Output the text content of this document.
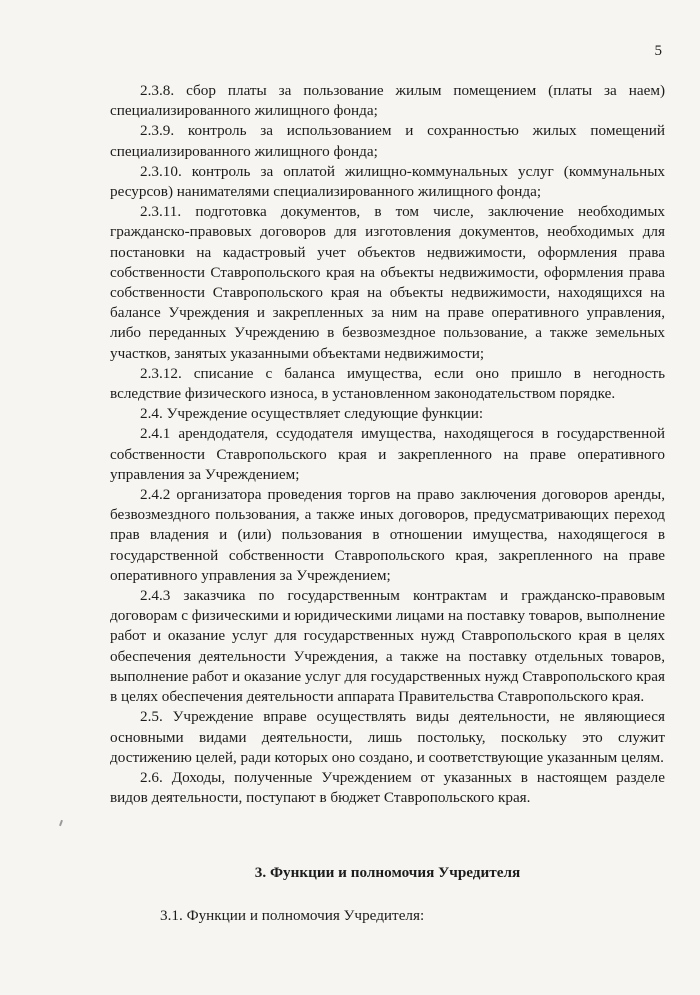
5

2.3.8. сбор платы за пользование жилым помещением (платы за наем) специализированного жилищного фонда;

2.3.9. контроль за использованием и сохранностью жилых помещений специализированного жилищного фонда;

2.3.10. контроль за оплатой жилищно-коммунальных услуг (коммунальных ресурсов) нанимателями специализированного жилищного фонда;

2.3.11. подготовка документов, в том числе, заключение необходимых гражданско-правовых договоров для изготовления документов, необходимых для постановки на кадастровый учет объектов недвижимости, оформления права собственности Ставропольского края на объекты недвижимости, оформления права собственности Ставропольского края на объекты недвижимости, находящихся на балансе Учреждения и закрепленных за ним на праве оперативного управления, либо переданных Учреждению в безвозмездное пользование, а также земельных участков, занятых указанными объектами недвижимости;

2.3.12. списание с баланса имущества, если оно пришло в негодность вследствие физического износа, в установленном законодательством порядке.

2.4. Учреждение осуществляет следующие функции:

2.4.1 арендодателя, ссудодателя имущества, находящегося в государственной собственности Ставропольского края и закрепленного на праве оперативного управления за Учреждением;

2.4.2 организатора проведения торгов на право заключения договоров аренды, безвозмездного пользования, а также иных договоров, предусматривающих переход прав владения и (или) пользования в отношении имущества, находящегося в государственной собственности Ставропольского края, закрепленного на праве оперативного управления за Учреждением;

2.4.3 заказчика по государственным контрактам и гражданско-правовым договорам с физическими и юридическими лицами на поставку товаров, выполнение работ и оказание услуг для государственных нужд Ставропольского края в целях обеспечения деятельности Учреждения, а также на поставку отдельных товаров, выполнение работ и оказание услуг для государственных нужд Ставропольского края в целях обеспечения деятельности аппарата Правительства Ставропольского края.

2.5. Учреждение вправе осуществлять виды деятельности, не являющиеся основными видами деятельности, лишь постольку, поскольку это служит достижению целей, ради которых оно создано, и соответствующие указанным целям.

2.6. Доходы, полученные Учреждением от указанных в настоящем разделе видов деятельности, поступают в бюджет Ставропольского края.

3. Функции и полномочия Учредителя
3.1. Функции и полномочия Учредителя:
